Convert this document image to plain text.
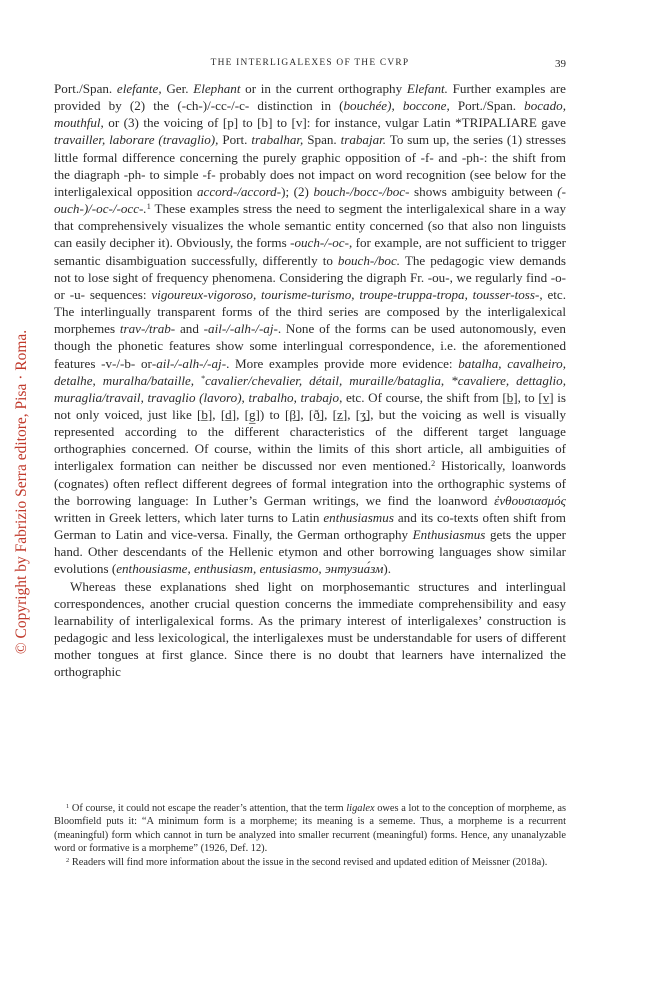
THE INTERLIGALEXES OF THE CVRP	39
© Copyright by Fabrizio Serra editore, Pisa · Roma.

Port./Span. elefante, Ger. Elephant or in the current orthography Elefant. Further examples are provided by (2) the (-ch-)/-cc-/-c- distinction in (bouchée), boccone, Port./Span. bocado, mouthful, or (3) the voicing of [p] to [b] to [v]: for instance, vulgar Latin *TRIPALIARE gave travailler, laborare (travaglio), Port. trabalhar, Span. trabajar. To sum up, the series (1) stresses little formal difference concerning the purely graphic opposition of -f- and -ph-: the shift from the diagraph -ph- to simple -f- probably does not impact on word recognition (see below for the interligalexical opposition accord-/accord-); (2) bouch-/bocc-/boc- shows ambiguity between (-ouch-)/-oc-/-occ-.$^1$ These examples stress the need to segment the interligalexical share in a way that comprehensively visualizes the whole semantic entity concerned (so that also non linguists can easily decipher it). Obviously, the forms -ouch-/-oc-, for example, are not sufficient to trigger semantic disambiguation successfully, differently to bouch-/boc. The pedagogic view demands not to lose sight of frequency phenomena. Considering the digraph Fr. -ou-, we regularly find -o- or -u- sequences: vigoureux-vigoroso, tourisme-turismo, troupe-truppa-tropa, tousser-toss-, etc. The interlingually transparent forms of the third series are composed by the interligalexical morphemes trav-/trab- and -ail-/-alh-/-aj-. None of the forms can be used autonomously, even though the phonetic features show some interlingual correspondence, i.e. the aforementioned features -v-/-b- or-ail-/-alh-/-aj-. More examples provide more evidence: batalha, cavalheiro, detalhe, muralha/bataille, *cavalier/chevalier, détail, muraille/bataglia, *cavaliere, dettaglio, muraglia/travail, travaglio (lavoro), trabalho, trabajo, etc. Of course, the shift from [b̲], to [v̲] is not only voiced, just like [b̲], [d̲], [g̲]) to [β̲], [ð̲], [z̲], [ʒ̲], but the voicing as well is visually represented according to the different characteristics of the different target language orthographies concerned. Of course, within the limits of this short article, all ambiguities of interligalex formation can neither be discussed nor even mentioned.$^2$ Historically, loanwords (cognates) often reflect different degrees of formal integration into the orthographic systems of the borrowing language: In Luther’s German writings, we find the loanword ἐνθουσιασμός written in Greek letters, which later turns to Latin enthusiasmus and its co-texts often shift from German to Latin and vice-versa. Finally, the German orthography Enthusiasmus gets the upper hand. Other descendants of the Hellenic etymon and other borrowing languages show similar evolutions (enthousiasme, enthusiasm, entusiasmo, энтузиа́зм).

Whereas these explanations shed light on morphosemantic structures and interlingual correspondences, another crucial question concerns the immediate comprehensibility and easy learnability of interligalexical forms. As the primary interest of interligalexes’ construction is pedagogic and less lexicological, the interligalexes must be understandable for users of different mother tongues at first glance. Since there is no doubt that learners have internalized the orthographic

$^1$ Of course, it could not escape the reader’s attention, that the term ligalex owes a lot to the conception of morpheme, as Bloomfield puts it: “A minimum form is a morpheme; its meaning is a sememe. Thus, a morpheme is a recurrent (meaningful) form which cannot in turn be analyzed into smaller recurrent (meaningful) forms. Hence, any unanalyzable word or formative is a morpheme” (1926, Def. 12).

$^2$ Readers will find more information about the issue in the second revised and updated edition of Meissner (2018a).
